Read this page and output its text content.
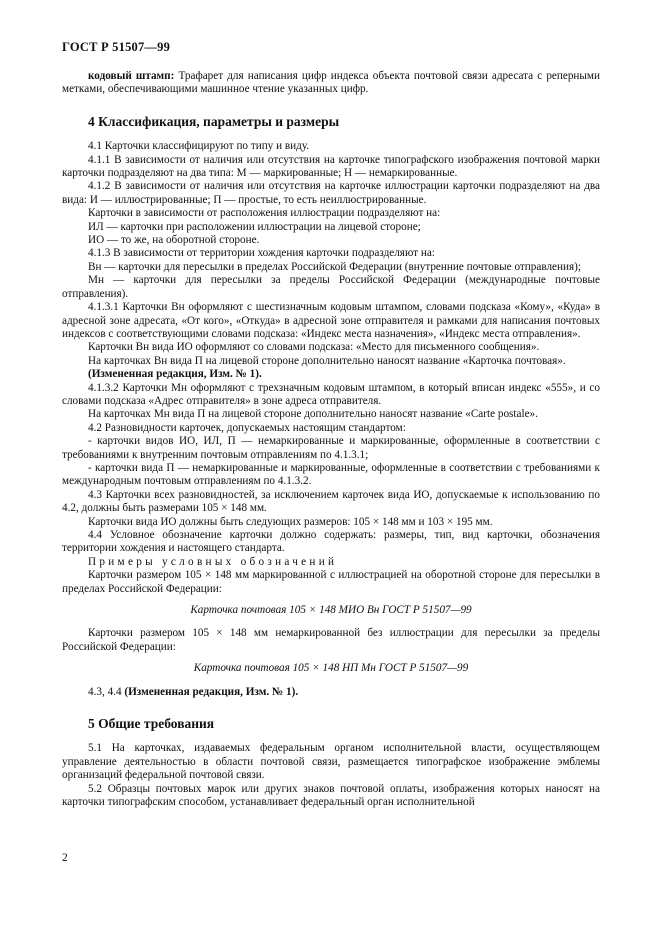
ГОСТ Р 51507—99

кодовый штамп: Трафарет для написания цифр индекса объекта почтовой связи адресата с реперными метками, обеспечивающими машинное чтение указанных цифр.

4 Классификация, параметры и размеры

4.1 Карточки классифицируют по типу и виду.

4.1.1 В зависимости от наличия или отсутствия на карточке типографского изображения почтовой марки карточки подразделяют на два типа: М — маркированные; Н — немаркированные.

4.1.2 В зависимости от наличия или отсутствия на карточке иллюстрации карточки подразделяют на два вида: И — иллюстрированные; П — простые, то есть неиллюстрированные.

Карточки в зависимости от расположения иллюстрации подразделяют на:

ИЛ — карточки при расположении иллюстрации на лицевой стороне;

ИО — то же, на оборотной стороне.

4.1.3 В зависимости от территории хождения карточки подразделяют на:

Вн — карточки для пересылки в пределах Российской Федерации (внутренние почтовые отправления);

Мн — карточки для пересылки за пределы Российской Федерации (международные почтовые отправления).

4.1.3.1 Карточки Вн оформляют с шестизначным кодовым штампом, словами подсказа «Кому», «Куда» в адресной зоне адресата, «От кого», «Откуда» в адресной зоне отправителя и рамками для написания почтовых индексов с соответствующими словами подсказа: «Индекс места назначения», «Индекс места отправления».

Карточки Вн вида ИО оформляют со словами подсказа: «Место для письменного сообщения».

На карточках Вн вида П на лицевой стороне дополнительно наносят название «Карточка почтовая».

(Измененная редакция, Изм. № 1).

4.1.3.2 Карточки Мн оформляют с трехзначным кодовым штампом, в который вписан индекс «555», и со словами подсказа «Адрес отправителя» в зоне адреса отправителя.

На карточках Мн вида П на лицевой стороне дополнительно наносят название «Carte postale».

4.2 Разновидности карточек, допускаемых настоящим стандартом:

- карточки видов ИО, ИЛ, П — немаркированные и маркированные, оформленные в соответствии с требованиями к внутренним почтовым отправлениям по 4.1.3.1;

- карточки вида П — немаркированные и маркированные, оформленные в соответствии с требованиями к международным почтовым отправлениям по 4.1.3.2.

4.3 Карточки всех разновидностей, за исключением карточек вида ИО, допускаемые к использованию по 4.2, должны быть размерами 105 × 148 мм.

Карточки вида ИО должны быть следующих размеров: 105 × 148 мм и 103 × 195 мм.

4.4 Условное обозначение карточки должно содержать: размеры, тип, вид карточки, обозначения территории хождения и настоящего стандарта.

Примеры условных обозначений

Карточки размером 105 × 148 мм маркированной с иллюстрацией на оборотной стороне для пересылки в пределах Российской Федерации:

Карточка почтовая 105 × 148 МИО Вн ГОСТ Р 51507—99

Карточки размером 105 × 148 мм немаркированной без иллюстрации для пересылки за пределы Российской Федерации:

Карточка почтовая 105 × 148 НП Мн ГОСТ Р 51507—99

4.3, 4.4 (Измененная редакция, Изм. № 1).

5 Общие требования

5.1 На карточках, издаваемых федеральным органом исполнительной власти, осуществляющем управление деятельностью в области почтовой связи, размещается типографское изображение эмблемы организаций федеральной почтовой связи.

5.2 Образцы почтовых марок или других знаков почтовой оплаты, изображения которых наносят на карточки типографским способом, устанавливает федеральный орган исполнительной

2
